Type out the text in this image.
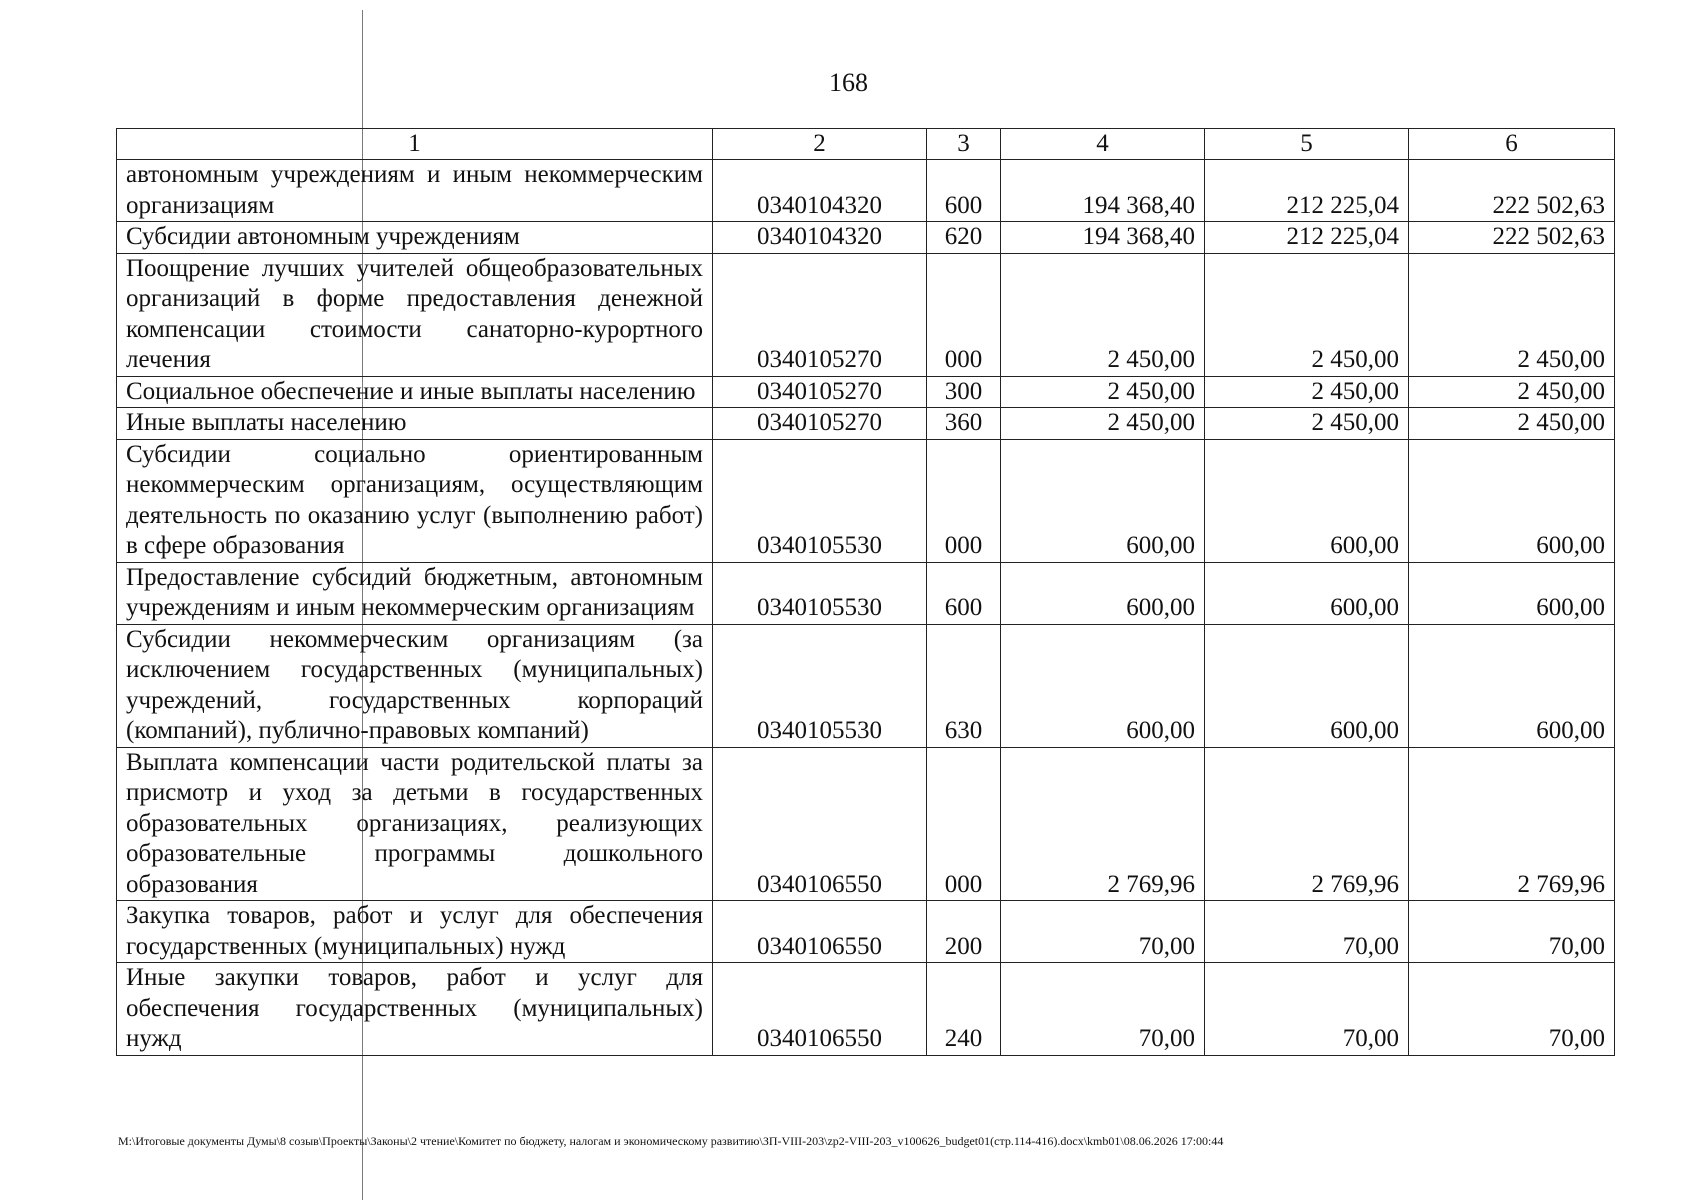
168
1	2	3	4	5	6
автономным учреждениям и иным некоммерческим организациям	0340104320	600	194 368,40	212 225,04	222 502,63
Субсидии автономным учреждениям	0340104320	620	194 368,40	212 225,04	222 502,63
Поощрение лучших учителей общеобразовательных организаций в форме предоставления денежной компенсации стоимости санаторно-курортного лечения	0340105270	000	2 450,00	2 450,00	2 450,00
Социальное обеспечение и иные выплаты населению	0340105270	300	2 450,00	2 450,00	2 450,00
Иные выплаты населению	0340105270	360	2 450,00	2 450,00	2 450,00
Субсидии социально ориентированным некоммерческим организациям, осуществляющим деятельность по оказанию услуг (выполнению работ) в сфере образования	0340105530	000	600,00	600,00	600,00
Предоставление субсидий бюджетным, автономным учреждениям и иным некоммерческим организациям	0340105530	600	600,00	600,00	600,00
Субсидии некоммерческим организациям (за исключением государственных (муниципальных) учреждений, государственных корпораций (компаний), публично-правовых компаний)	0340105530	630	600,00	600,00	600,00
Выплата компенсации части родительской платы за присмотр и уход за детьми в государственных образовательных организациях, реализующих образовательные программы дошкольного образования	0340106550	000	2 769,96	2 769,96	2 769,96
Закупка товаров, работ и услуг для обеспечения государственных (муниципальных) нужд	0340106550	200	70,00	70,00	70,00
Иные закупки товаров, работ и услуг для обеспечения государственных (муниципальных) нужд	0340106550	240	70,00	70,00	70,00
M:\Итоговые документы Думы\8 созыв\Проекты\Законы\2 чтение\Комитет по бюджету, налогам и экономическому развитию\ЗП-VIII-203\zp2-VIII-203_v100626_budget01(стр.114-416).docx\kmb01\08.06.2026 17:00:44
